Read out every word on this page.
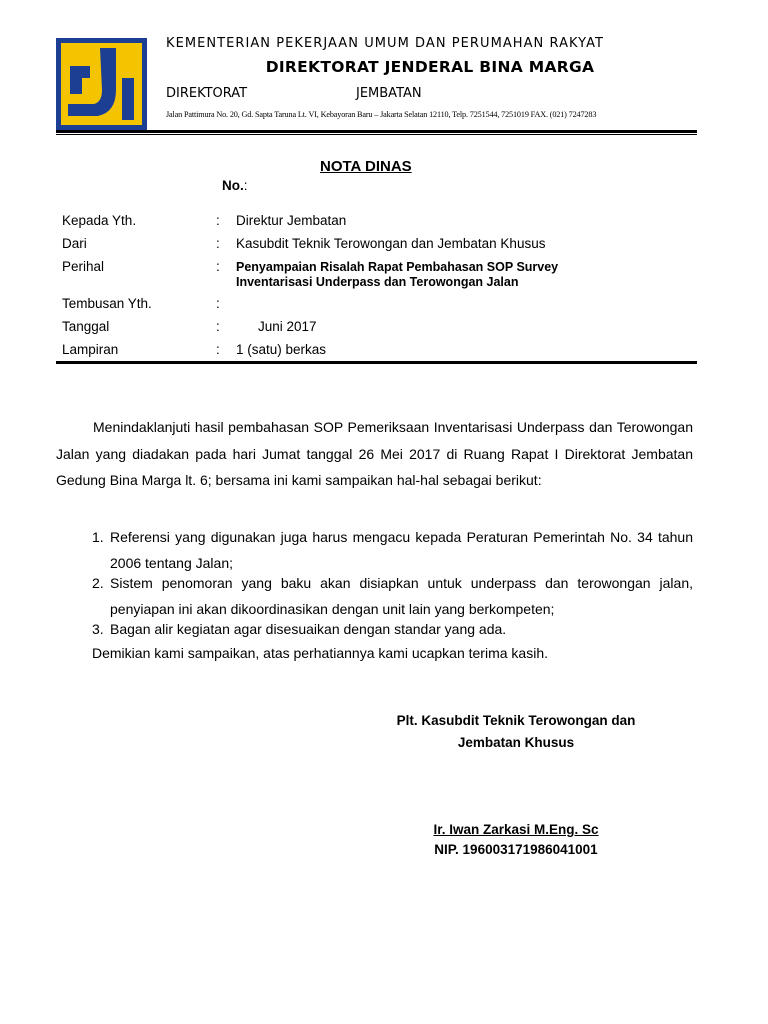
KEMENTERIAN PEKERJAAN UMUM DAN PERUMAHAN RAKYAT
DIREKTORAT JENDERAL BINA MARGA
DIREKTORAT	JEMBATAN
Jalan Pattimura No. 20, Gd. Sapta Taruna Lt. VI, Kebayoran Baru – Jakarta Selatan 12110, Telp. 7251544, 7251019 FAX. (021) 7247283
NOTA DINAS
No.:
Kepada Yth.	: Direktur Jembatan
Dari	: Kasubdit Teknik Terowongan dan Jembatan Khusus
Perihal	: Penyampaian Risalah Rapat Pembahasan SOP Survey
Inventarisasi Underpass dan Terowongan Jalan
Tembusan Yth.	:
Tanggal	:	Juni 2017
Lampiran	: 1 (satu) berkas
Menindaklanjuti hasil pembahasan SOP Pemeriksaan Inventarisasi Underpass dan Terowongan Jalan yang diadakan pada hari Jumat tanggal 26 Mei 2017 di Ruang Rapat I Direktorat Jembatan Gedung Bina Marga lt. 6; bersama ini kami sampaikan hal-hal sebagai berikut:
1. Referensi yang digunakan juga harus mengacu kepada Peraturan Pemerintah No. 34 tahun 2006 tentang Jalan;
2. Sistem penomoran yang baku akan disiapkan untuk underpass dan terowongan jalan, penyiapan ini akan dikoordinasikan dengan unit lain yang berkompeten;
3. Bagan alir kegiatan agar disesuaikan dengan standar yang ada.
Demikian kami sampaikan, atas perhatiannya kami ucapkan terima kasih.
Plt. Kasubdit Teknik Terowongan dan
Jembatan Khusus
Ir. Iwan Zarkasi M.Eng. Sc
NIP. 196003171986041001
